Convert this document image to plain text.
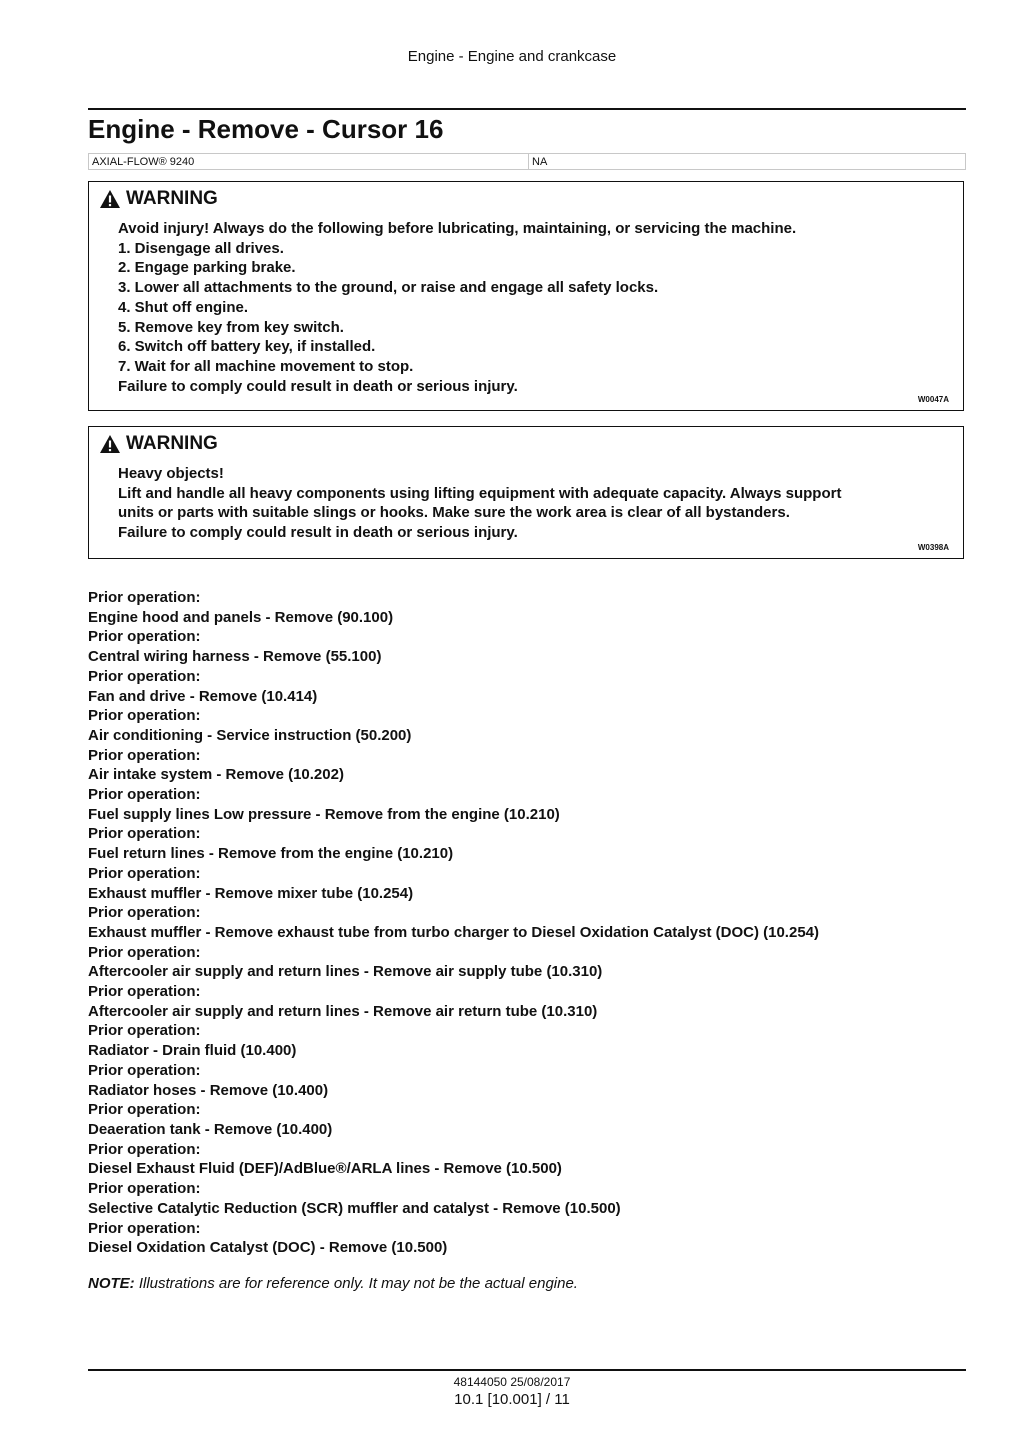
Engine - Engine and crankcase
Engine - Remove - Cursor 16
AXIAL-FLOW® 9240	NA
WARNING
Avoid injury! Always do the following before lubricating, maintaining, or servicing the machine.
1. Disengage all drives.
2. Engage parking brake.
3. Lower all attachments to the ground, or raise and engage all safety locks.
4. Shut off engine.
5. Remove key from key switch.
6. Switch off battery key, if installed.
7. Wait for all machine movement to stop.
Failure to comply could result in death or serious injury.
W0047A
WARNING
Heavy objects!
Lift and handle all heavy components using lifting equipment with adequate capacity. Always support
units or parts with suitable slings or hooks. Make sure the work area is clear of all bystanders.
Failure to comply could result in death or serious injury.
W0398A
Prior operation:
Engine hood and panels - Remove (90.100)
Prior operation:
Central wiring harness - Remove (55.100)
Prior operation:
Fan and drive - Remove (10.414)
Prior operation:
Air conditioning - Service instruction (50.200)
Prior operation:
Air intake system - Remove (10.202)
Prior operation:
Fuel supply lines Low pressure - Remove from the engine (10.210)
Prior operation:
Fuel return lines - Remove from the engine (10.210)
Prior operation:
Exhaust muffler - Remove mixer tube (10.254)
Prior operation:
Exhaust muffler - Remove exhaust tube from turbo charger to Diesel Oxidation Catalyst (DOC) (10.254)
Prior operation:
Aftercooler air supply and return lines - Remove air supply tube (10.310)
Prior operation:
Aftercooler air supply and return lines - Remove air return tube (10.310)
Prior operation:
Radiator - Drain fluid (10.400)
Prior operation:
Radiator hoses - Remove (10.400)
Prior operation:
Deaeration tank - Remove (10.400)
Prior operation:
Diesel Exhaust Fluid (DEF)/AdBlue®/ARLA lines - Remove (10.500)
Prior operation:
Selective Catalytic Reduction (SCR) muffler and catalyst - Remove (10.500)
Prior operation:
Diesel Oxidation Catalyst (DOC) - Remove (10.500)
NOTE: Illustrations are for reference only. It may not be the actual engine.
48144050 25/08/2017
10.1 [10.001] / 11
